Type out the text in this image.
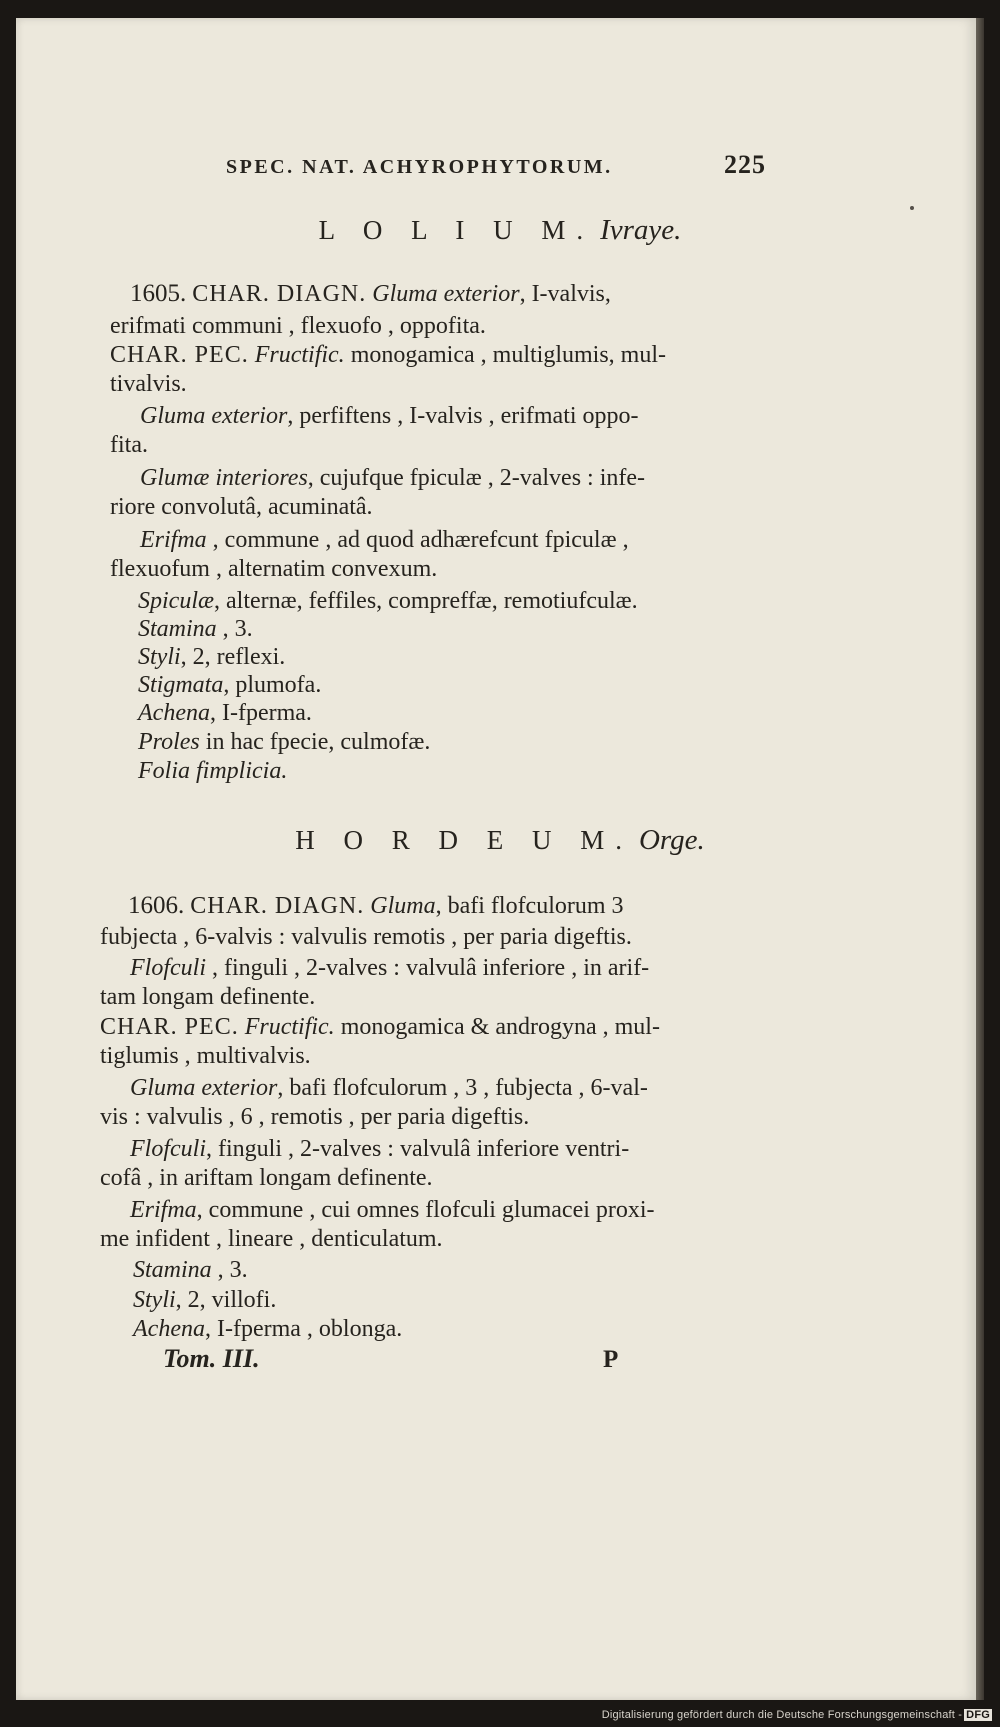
SPEC. NAT. ACHYROPHYTORUM.	225
L O L I U M. Ivraye.
1605. CHAR. DIAGN. Gluma exterior, I-valvis,
erifmati communi , flexuofo , oppofita.
CHAR. PEC. Fructific. monogamica , multiglumis, mul-
tivalvis.
Gluma exterior, perfiftens , I-valvis , erifmati oppo-
fita.
Glumæ interiores, cujufque fpiculæ , 2-valves : infe-
riore convolutâ, acuminatâ.
Erifma , commune , ad quod adhærefcunt fpiculæ ,
flexuofum , alternatim convexum.
Spiculæ, alternæ, feffiles, compreffæ, remotiufculæ.
Stamina , 3.
Styli, 2, reflexi.
Stigmata, plumofa.
Achena, I-fperma.
Proles in hac fpecie, culmofæ.
Folia fimplicia.
H O R D E U M. Orge.
1606. CHAR. DIAGN. Gluma, bafi flofculorum 3
fubjecta , 6-valvis : valvulis remotis , per paria digeftis.
Flofculi , finguli , 2-valves : valvulâ inferiore , in arif-
tam longam definente.
CHAR. PEC. Fructific. monogamica & androgyna , mul-
tiglumis , multivalvis.
Gluma exterior, bafi flofculorum , 3 , fubjecta , 6-val-
vis : valvulis , 6 , remotis , per paria digeftis.
Flofculi, finguli , 2-valves : valvulâ inferiore ventri-
cofâ , in ariftam longam definente.
Erifma, commune , cui omnes flofculi glumacei proxi-
me infident , lineare , denticulatum.
Stamina , 3.
Styli, 2, villofi.
Achena, I-fperma , oblonga.
Tom. III.	P
Digitalisierung gefördert durch die Deutsche Forschungsgemeinschaft - DFG
